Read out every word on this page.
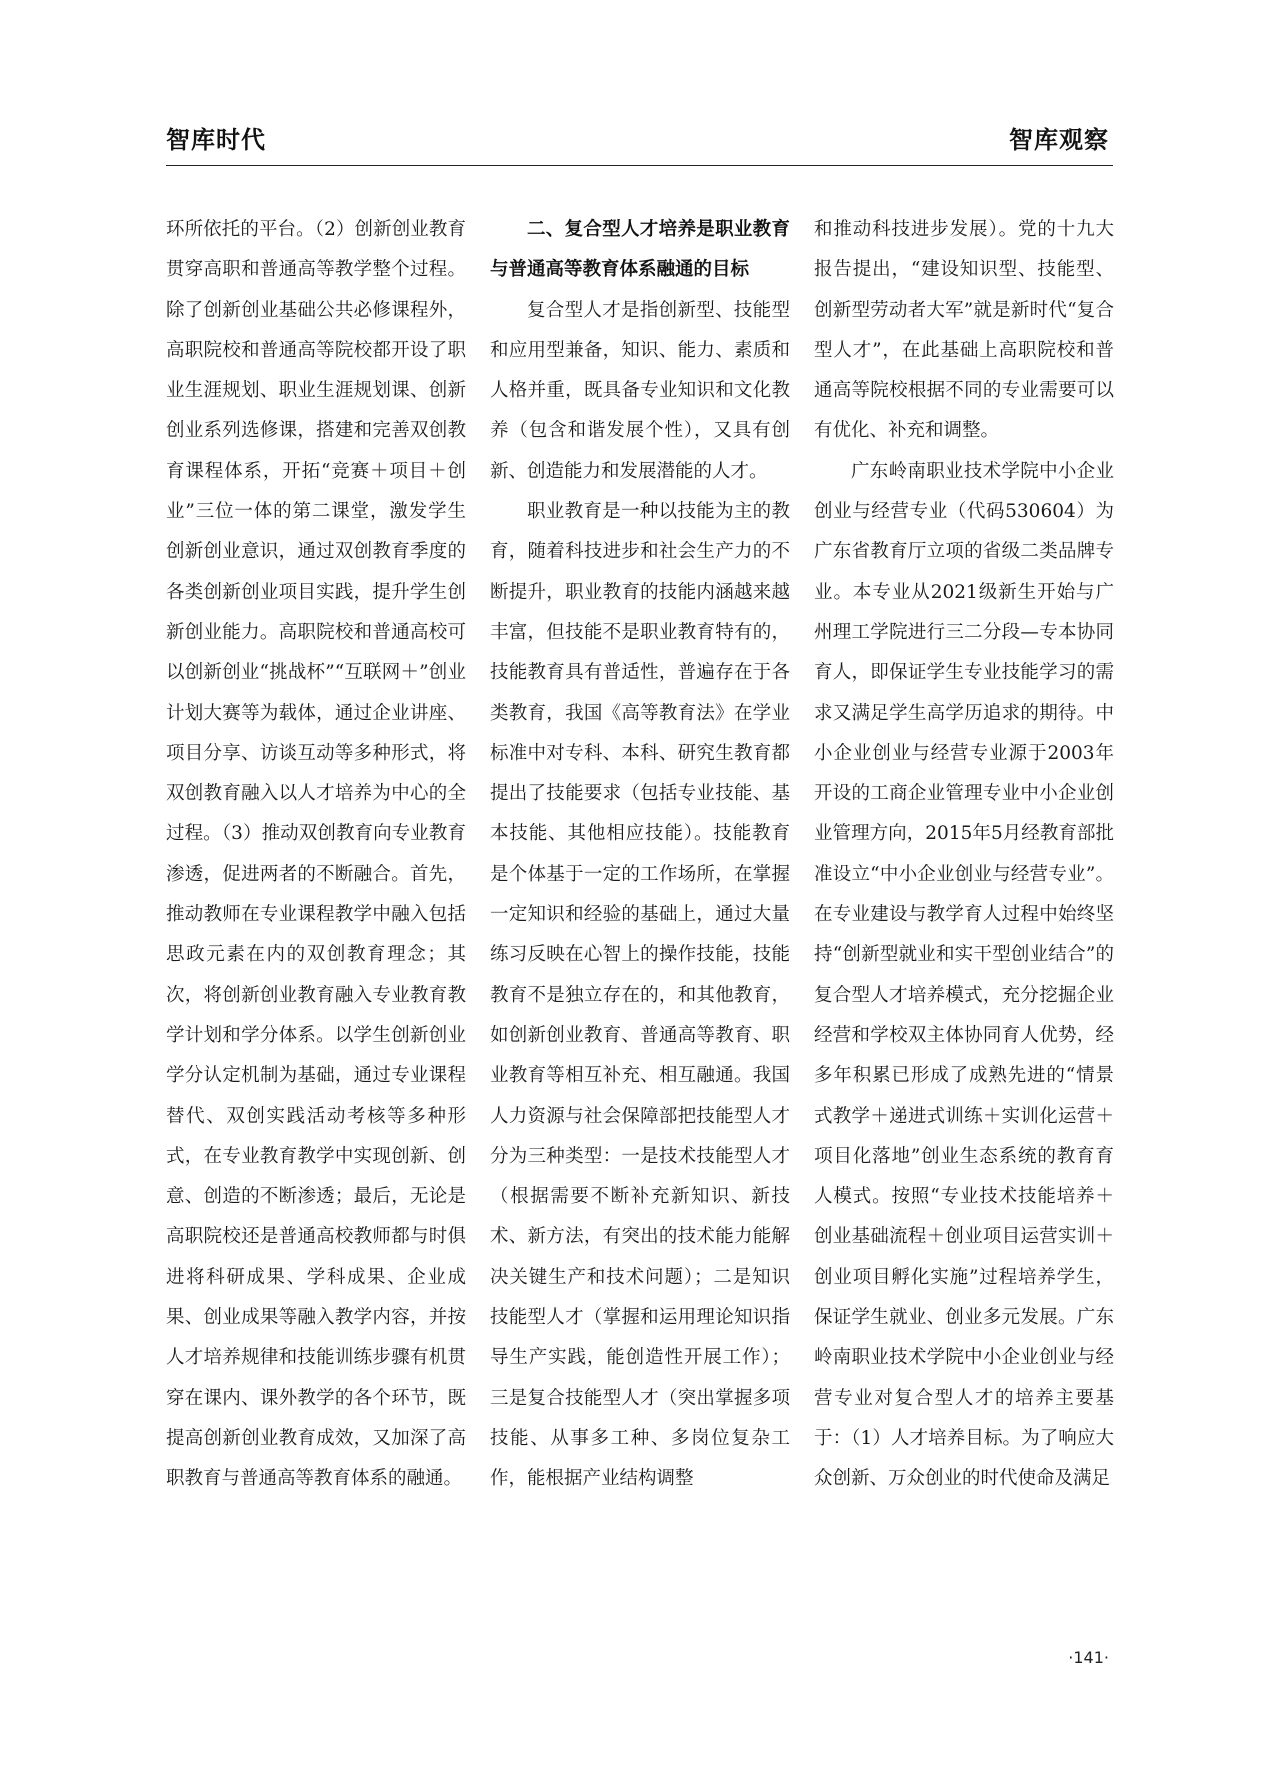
智库时代	智库观察

环所依托的平台。（2）创新创业教育贯穿高职和普通高等教学整个过程。除了创新创业基础公共必修课程外，高职院校和普通高等院校都开设了职业生涯规划、职业生涯规划课、创新创业系列选修课，搭建和完善双创教育课程体系，开拓“竞赛＋项目＋创业”三位一体的第二课堂，激发学生创新创业意识，通过双创教育季度的各类创新创业项目实践，提升学生创新创业能力。高职院校和普通高校可以创新创业“挑战杯”“互联网＋”创业计划大赛等为载体，通过企业讲座、项目分享、访谈互动等多种形式，将双创教育融入以人才培养为中心的全过程。（3）推动双创教育向专业教育渗透，促进两者的不断融合。首先，推动教师在专业课程教学中融入包括思政元素在内的双创教育理念；其次，将创新创业教育融入专业教育教学计划和学分体系。以学生创新创业学分认定机制为基础，通过专业课程替代、双创实践活动考核等多种形式，在专业教育教学中实现创新、创意、创造的不断渗透；最后，无论是高职院校还是普通高校教师都与时俱进将科研成果、学科成果、企业成果、创业成果等融入教学内容，并按人才培养规律和技能训练步骤有机贯穿在课内、课外教学的各个环节，既提高创新创业教育成效，又加深了高职教育与普通高等教育体系的融通。

二、复合型人才培养是职业教育与普通高等教育体系融通的目标

复合型人才是指创新型、技能型和应用型兼备，知识、能力、素质和人格并重，既具备专业知识和文化教养（包含和谐发展个性），又具有创新、创造能力和发展潜能的人才。

职业教育是一种以技能为主的教育，随着科技进步和社会生产力的不断提升，职业教育的技能内涵越来越丰富，但技能不是职业教育特有的，技能教育具有普适性，普遍存在于各类教育，我国《高等教育法》在学业标准中对专科、本科、研究生教育都提出了技能要求（包括专业技能、基本技能、其他相应技能）。技能教育是个体基于一定的工作场所，在掌握一定知识和经验的基础上，通过大量练习反映在心智上的操作技能，技能教育不是独立存在的，和其他教育，如创新创业教育、普通高等教育、职业教育等相互补充、相互融通。我国人力资源与社会保障部把技能型人才分为三种类型：一是技术技能型人才（根据需要不断补充新知识、新技术、新方法，有突出的技术能力能解决关键生产和技术问题）；二是知识技能型人才（掌握和运用理论知识指导生产实践，能创造性开展工作）；三是复合技能型人才（突出掌握多项技能、从事多工种、多岗位复杂工作，能根据产业结构调整

和推动科技进步发展）。党的十九大报告提出，“建设知识型、技能型、创新型劳动者大军”就是新时代“复合型人才”，在此基础上高职院校和普通高等院校根据不同的专业需要可以有优化、补充和调整。

广东岭南职业技术学院中小企业创业与经营专业（代码530604）为广东省教育厅立项的省级二类品牌专业。本专业从2021级新生开始与广州理工学院进行三二分段—专本协同育人，即保证学生专业技能学习的需求又满足学生高学历追求的期待。中小企业创业与经营专业源于2003年开设的工商企业管理专业中小企业创业管理方向，2015年5月经教育部批准设立“中小企业创业与经营专业”。在专业建设与教学育人过程中始终坚持“创新型就业和实干型创业结合”的复合型人才培养模式，充分挖掘企业经营和学校双主体协同育人优势，经多年积累已形成了成熟先进的“情景式教学＋递进式训练＋实训化运营＋项目化落地”创业生态系统的教育育人模式。按照“专业技术技能培养＋创业基础流程＋创业项目运营实训＋创业项目孵化实施”过程培养学生，保证学生就业、创业多元发展。广东岭南职业技术学院中小企业创业与经营专业对复合型人才的培养主要基于：（1）人才培养目标。为了响应大众创新、万众创业的时代使命及满足

·141·
